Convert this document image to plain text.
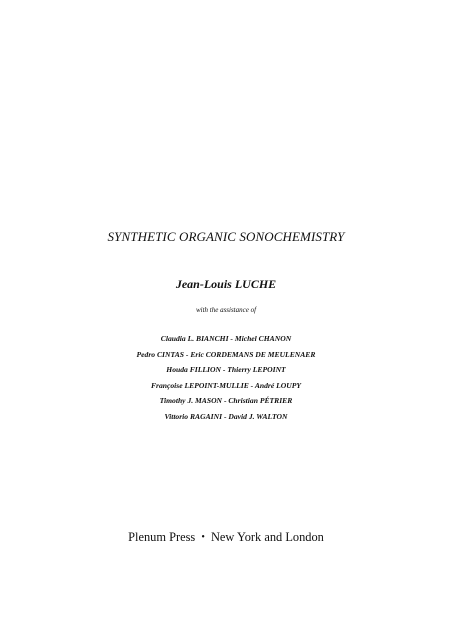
SYNTHETIC ORGANIC SONOCHEMISTRY
Jean-Louis LUCHE
with the assistance of
Claudia L. BIANCHI - Michel CHANON
Pedro CINTAS - Eric CORDEMANS DE MEULENAER
Houda FILLION - Thierry LEPOINT
Françoise LEPOINT-MULLIE - André LOUPY
Timothy J. MASON - Christian PÉTRIER
Vittorio RAGAINI - David J. WALTON
Plenum Press • New York and London
